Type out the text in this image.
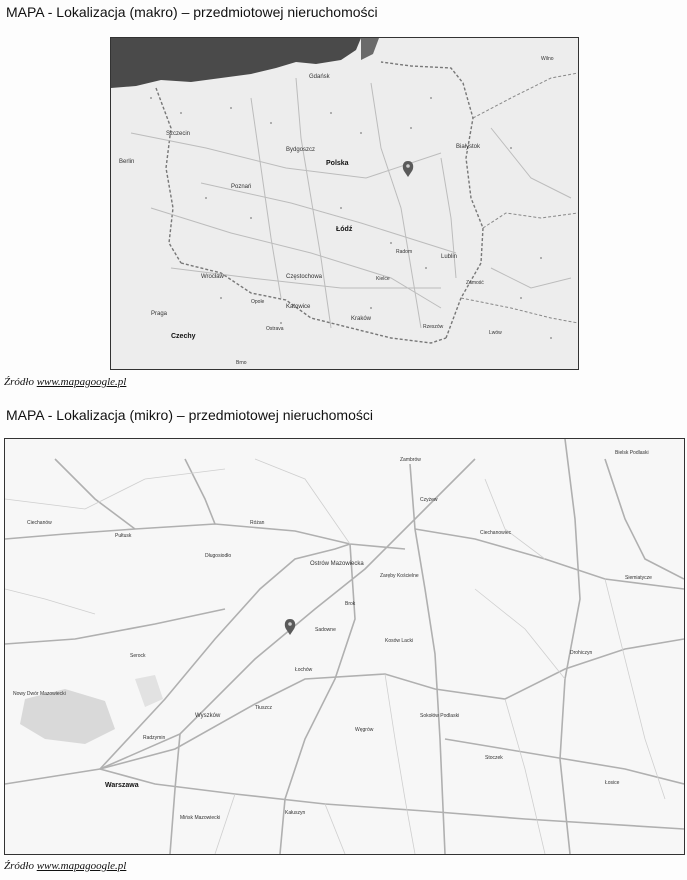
MAPA - Lokalizacja (makro) – przedmiotowej nieruchomości
Gdańsk
Szczecin
Bydgoszcz
Polska
Białystok
Berlin
Poznań
Łódź
Lublin
Wrocław	Częstochowa
Katowice
Kraków
Zamość
Praga
Czechy
Ostrava
Brno
Lwów
Rzeszów
Kielce
Radom
Opole
Wilno
Źródło www.mapagoogle.pl
MAPA - Lokalizacja (mikro) – przedmiotowej nieruchomości
Warszawa
Ostrów Mazowiecka
Brok
Wyszków
Łochów
Sadowne
Zaręby Kościelne
Czyżew
Zambrów
Ciechanów
Pułtusk
Serock
Radzymin
Tłuszcz
Sokołów Podlaski
Węgrów
Kosów Lacki
Bielsk Podlaski
Siemiatycze
Ciechanowiec
Drohiczyn
Mińsk Mazowiecki
Kałuszyn
Nowy Dwór Mazowiecki
Różan
Długosiodło
Stoczek
Łosice
Źródło www.mapagoogle.pl
